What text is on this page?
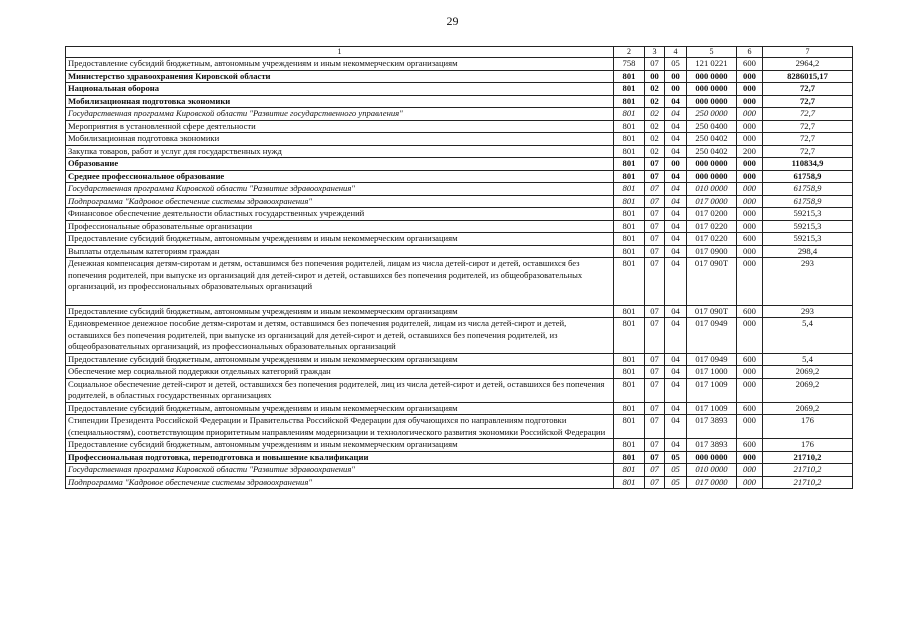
29
1	2	3	4	5	6	7
Предоставление субсидий бюджетным, автономным учреждениям и иным некоммерческим организациям	758	07	05	121 0221	600	2964,2
Министерство здравоохранения Кировской области	801	00	00	000 0000	000	8286015,17
Национальная оборона	801	02	00	000 0000	000	72,7
Мобилизационная подготовка экономики	801	02	04	000 0000	000	72,7
Государственная программа Кировской области "Развитие государственного управления"	801	02	04	250 0000	000	72,7
Мероприятия в установленной сфере деятельности	801	02	04	250 0400	000	72,7
Мобилизационная подготовка экономики	801	02	04	250 0402	000	72,7
Закупка товаров, работ и услуг для государственных нужд	801	02	04	250 0402	200	72,7
Образование	801	07	00	000 0000	000	110834,9
Среднее профессиональное образование	801	07	04	000 0000	000	61758,9
Государственная программа Кировской области "Развитие здравоохранения"	801	07	04	010 0000	000	61758,9
Подпрограмма "Кадровое обеспечение системы здравоохранения"	801	07	04	017 0000	000	61758,9
Финансовое обеспечение деятельности областных государственных учреждений	801	07	04	017 0200	000	59215,3
Профессиональные образовательные организации	801	07	04	017 0220	000	59215,3
Предоставление субсидий бюджетным, автономным учреждениям и иным некоммерческим организациям	801	07	04	017 0220	600	59215,3
Выплаты отдельным категориям граждан	801	07	04	017 0900	000	298,4
Денежная компенсация детям-сиротам и детям, оставшимся без попечения родителей, лицам из числа детей-сирот и детей, оставшихся без попечения родителей, при выпуске из организаций для детей-сирот и детей, оставшихся без попечения родителей, из общеобразовательных организаций, из профессиональных образовательных организаций	801	07	04	017 090Т	000	293
Предоставление субсидий бюджетным, автономным учреждениям и иным некоммерческим организациям	801	07	04	017 090Т	600	293
Единовременное денежное пособие детям-сиротам и детям, оставшимся без попечения родителей, лицам из числа детей-сирот и детей, оставшихся без попечения родителей, при выпуске из организаций для детей-сирот и детей, оставшихся без попечения родителей, из общеобразовательных организаций, из профессиональных образовательных организаций	801	07	04	017 0949	000	5,4
Предоставление субсидий бюджетным, автономным учреждениям и иным некоммерческим организациям	801	07	04	017 0949	600	5,4
Обеспечение мер социальной поддержки отдельных категорий граждан	801	07	04	017 1000	000	2069,2
Социальное обеспечение детей-сирот и детей, оставшихся без попечения родителей, лиц из числа детей-сирот и детей, оставшихся без попечения родителей, в областных государственных организациях	801	07	04	017 1009	000	2069,2
Предоставление субсидий бюджетным, автономным учреждениям и иным некоммерческим организациям	801	07	04	017 1009	600	2069,2
Стипендии Президента Российской Федерации и Правительства Российской Федерации для обучающихся по направлениям подготовки (специальностям), соответствующим приоритетным направлениям модернизации и технологического развития экономики Российской Федерации	801	07	04	017 3893	000	176
Предоставление субсидий бюджетным, автономным учреждениям и иным некоммерческим организациям	801	07	04	017 3893	600	176
Профессиональная подготовка, переподготовка и повышение квалификации	801	07	05	000 0000	000	21710,2
Государственная программа Кировской области "Развитие здравоохранения"	801	07	05	010 0000	000	21710,2
Подпрограмма "Кадровое обеспечение системы здравоохранения"	801	07	05	017 0000	000	21710,2
